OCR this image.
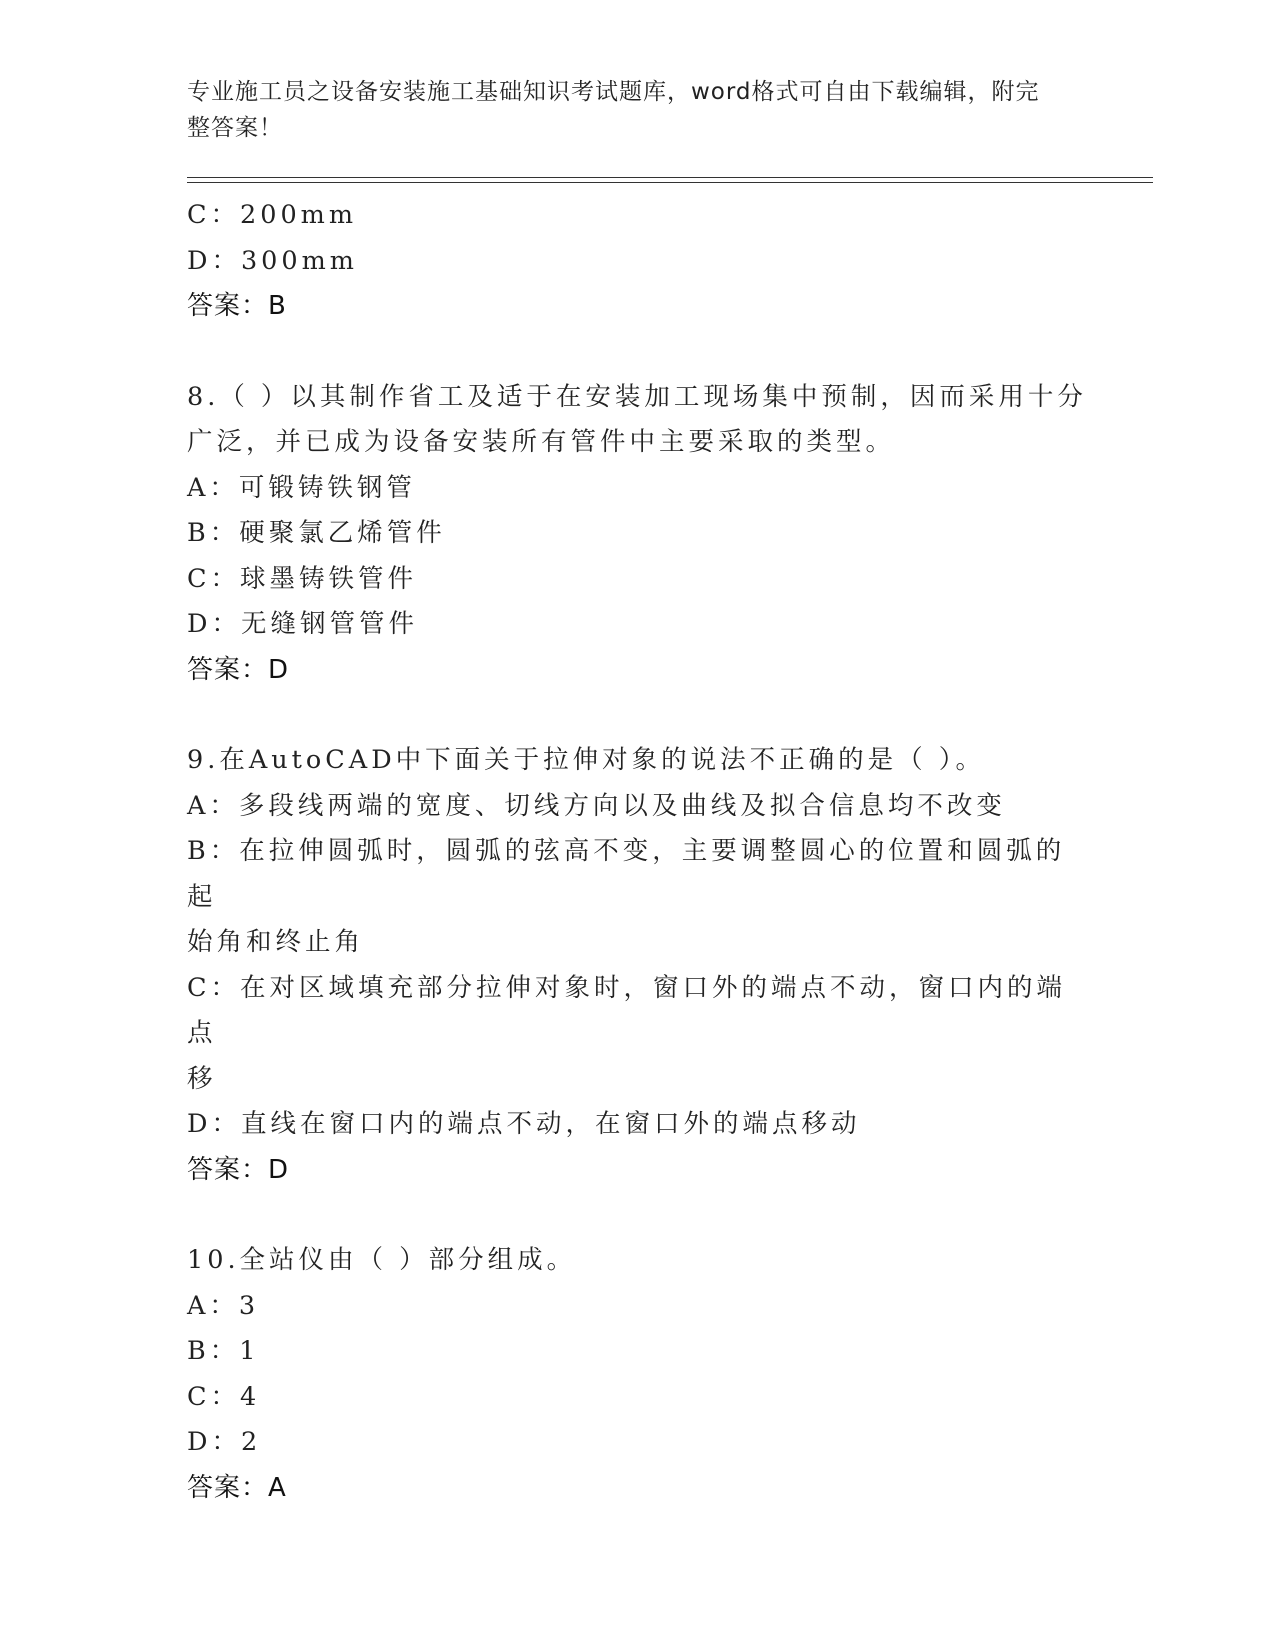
专业施工员之设备安装施工基础知识考试题库，word格式可自由下载编辑，附完
整答案！
C：200mm
D：300mm
答案：B
8.（ ）以其制作省工及适于在安装加工现场集中预制，因而采用十分
广泛，并已成为设备安装所有管件中主要采取的类型。
A：可锻铸铁钢管
B：硬聚氯乙烯管件
C：球墨铸铁管件
D：无缝钢管管件
答案：D
9.在AutoCAD中下面关于拉伸对象的说法不正确的是（ ）。
A：多段线两端的宽度、切线方向以及曲线及拟合信息均不改变
B：在拉伸圆弧时，圆弧的弦高不变，主要调整圆心的位置和圆弧的起
始角和终止角
C：在对区域填充部分拉伸对象时，窗口外的端点不动，窗口内的端点
移
D：直线在窗口内的端点不动，在窗口外的端点移动
答案：D
10.全站仪由（ ）部分组成。
A：3
B：1
C：4
D：2
答案：A
